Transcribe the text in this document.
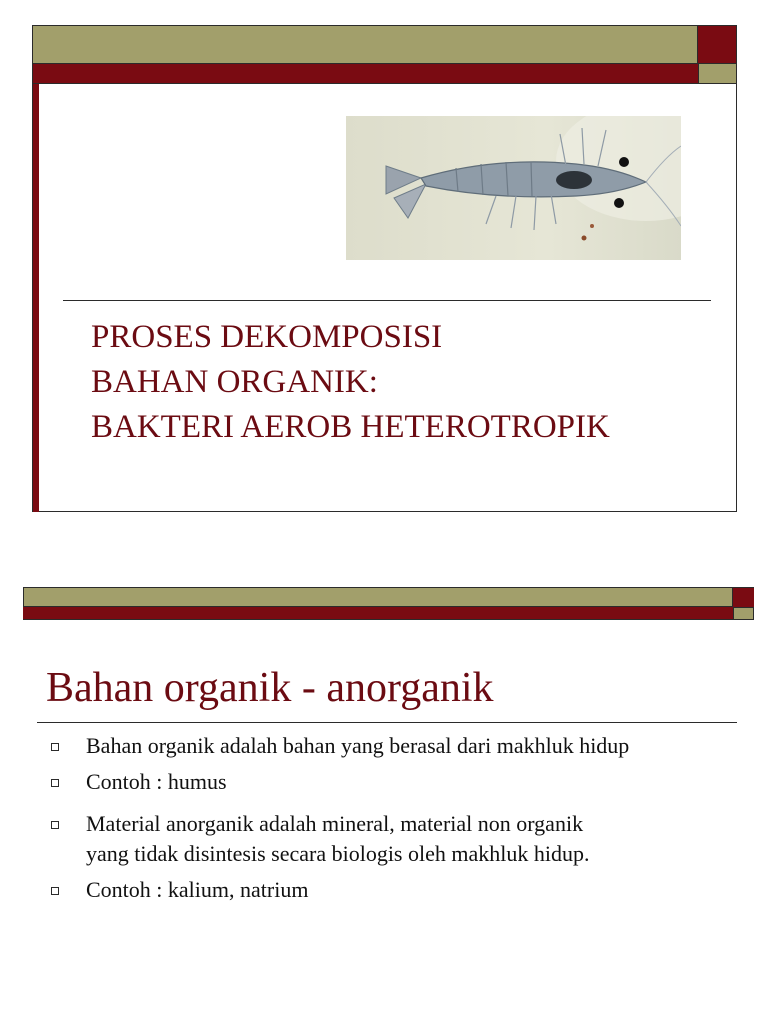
PROSES DEKOMPOSISI
BAHAN ORGANIK:
BAKTERI AEROB HETEROTROPIK
Bahan organik - anorganik
Bahan organik adalah bahan yang berasal dari makhluk hidup
Contoh : humus
Material anorganik adalah mineral, material non organik
yang tidak disintesis secara biologis oleh makhluk hidup.
Contoh : kalium, natrium
